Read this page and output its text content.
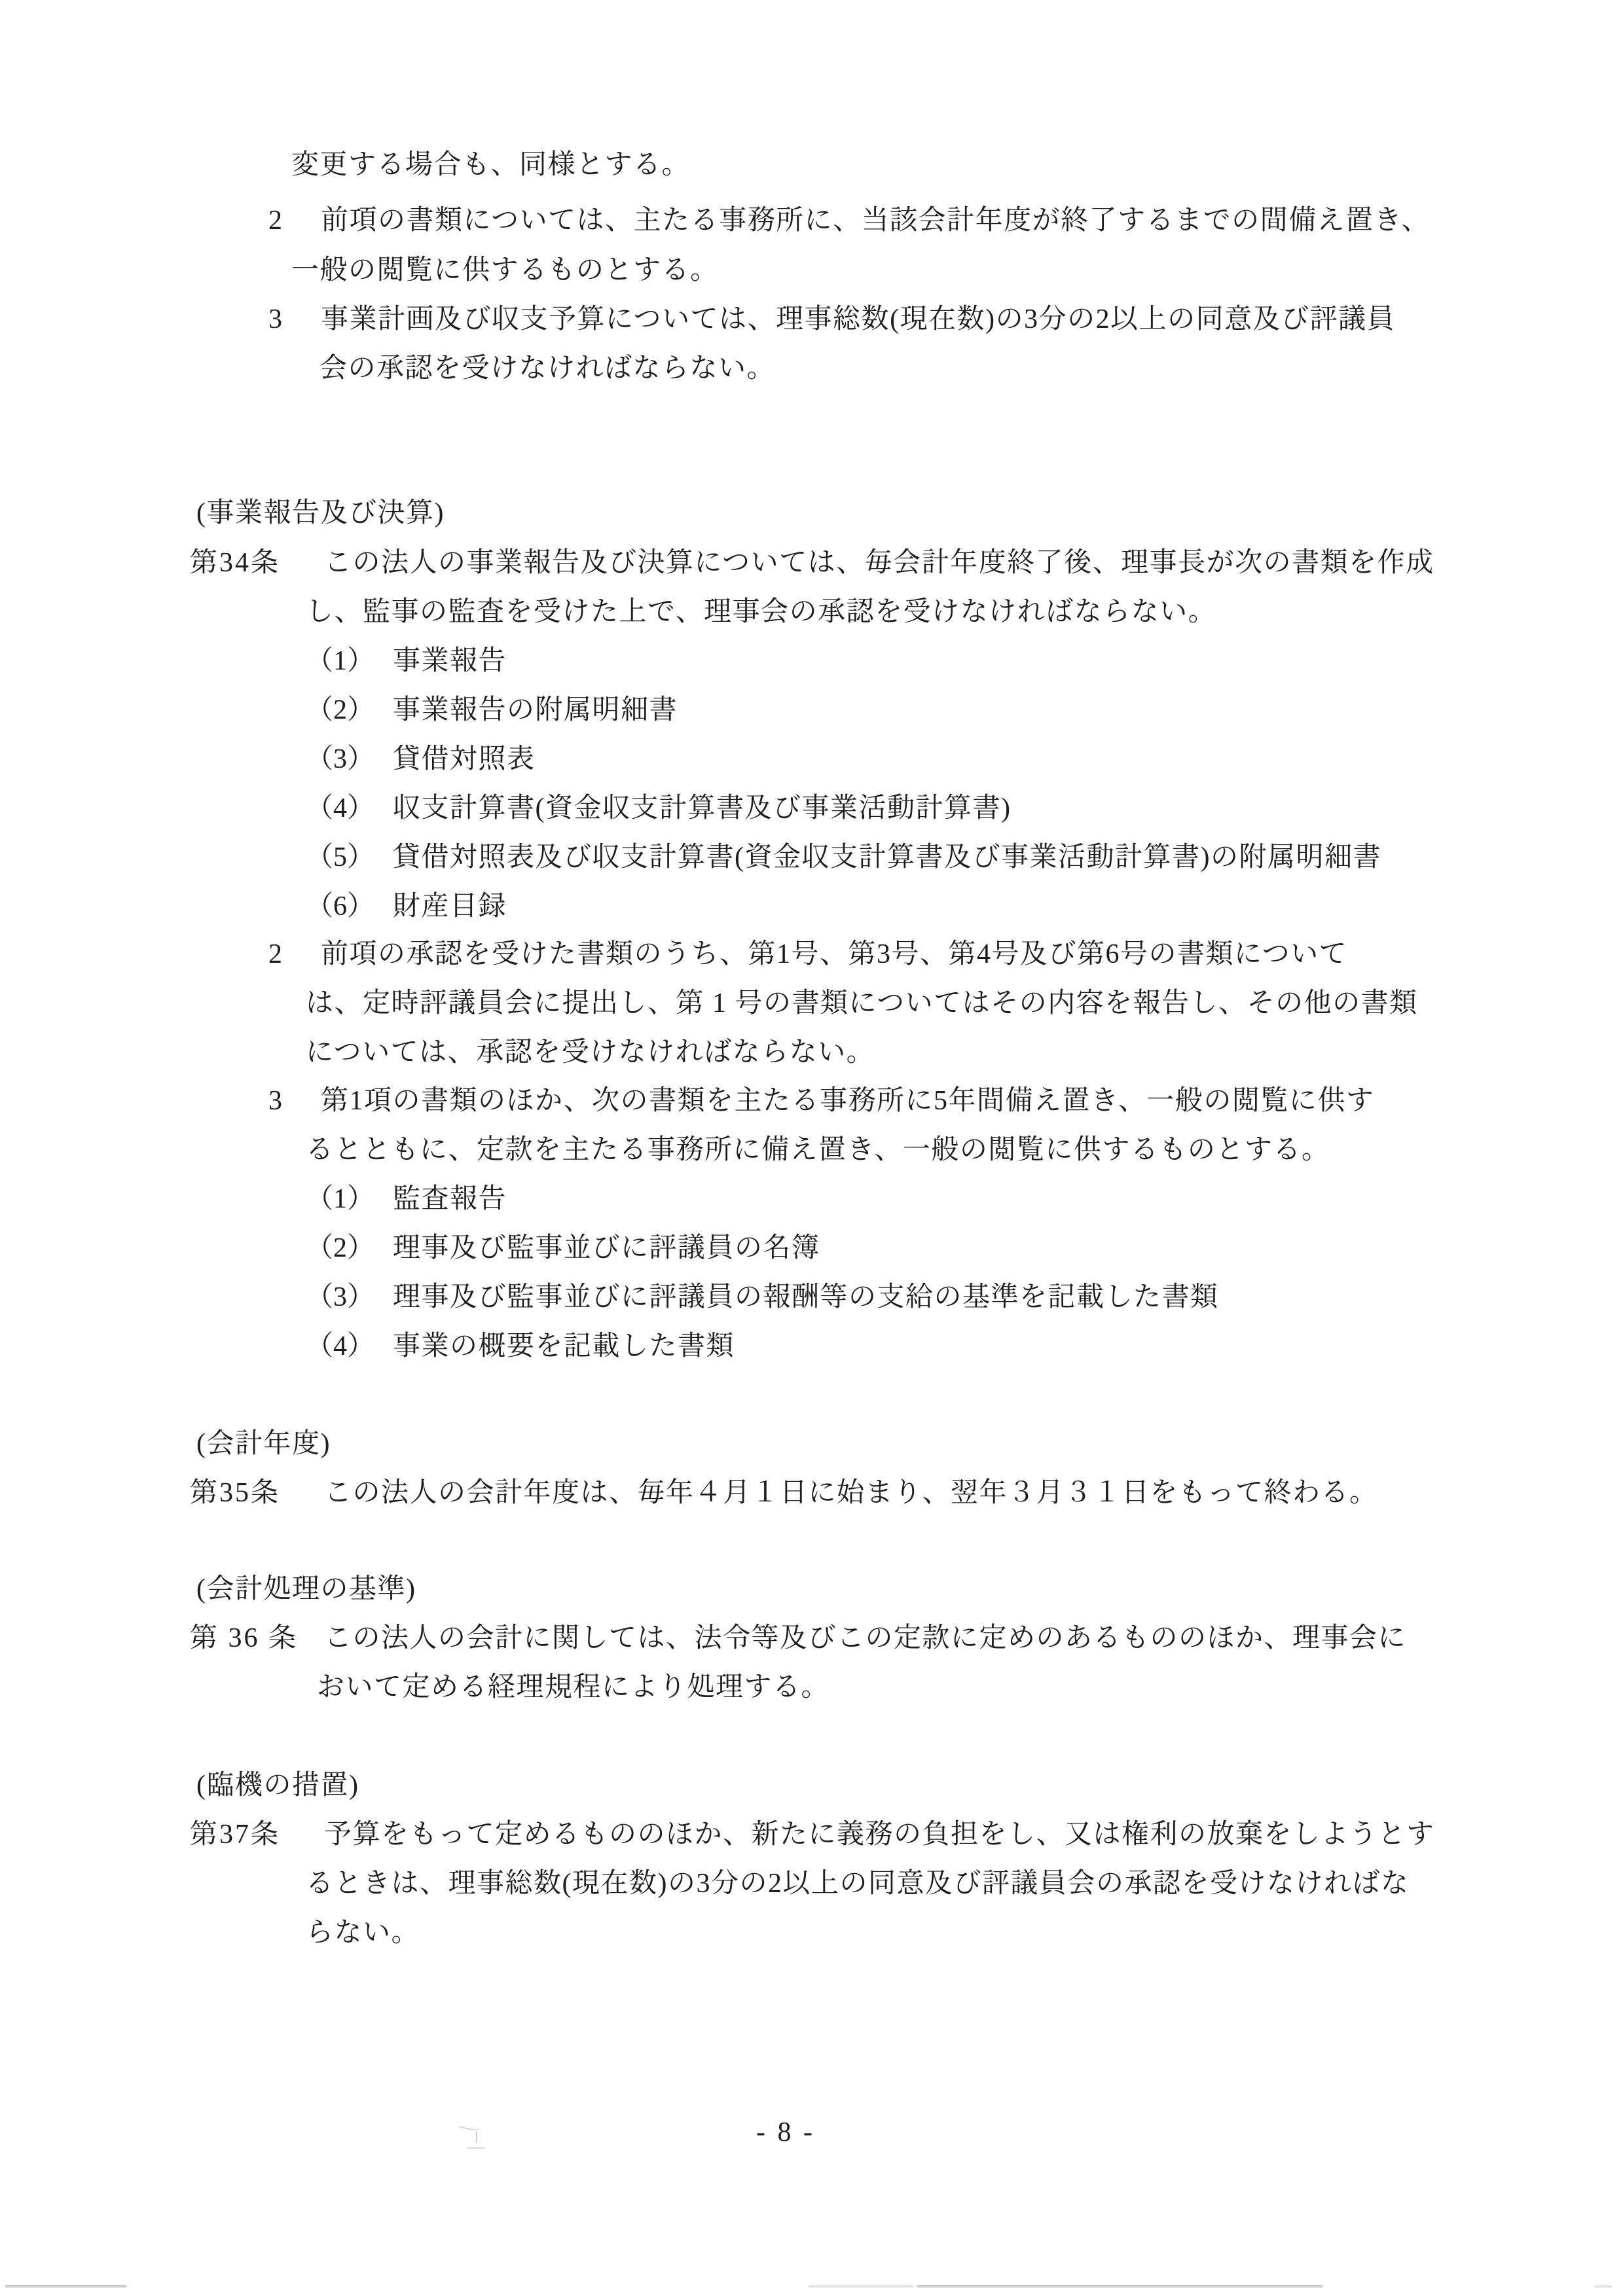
変更する場合も、同様とする。
2 前項の書類については、主たる事務所に、当該会計年度が終了するまでの間備え置き、
一般の閲覧に供するものとする。
3 事業計画及び収支予算については、理事総数(現在数)の3分の2以上の同意及び評議員
会の承認を受けなければならない。
(事業報告及び決算)
第34条 この法人の事業報告及び決算については、毎会計年度終了後、理事長が次の書類を作成
し、監事の監査を受けた上で、理事会の承認を受けなければならない。
（1） 事業報告
（2） 事業報告の附属明細書
（3） 貸借対照表
（4） 収支計算書(資金収支計算書及び事業活動計算書)
（5） 貸借対照表及び収支計算書(資金収支計算書及び事業活動計算書)の附属明細書
（6） 財産目録
2 前項の承認を受けた書類のうち、第1号、第3号、第4号及び第6号の書類について
は、定時評議員会に提出し、第 1 号の書類についてはその内容を報告し、その他の書類
については、承認を受けなければならない。
3 第1項の書類のほか、次の書類を主たる事務所に5年間備え置き、一般の閲覧に供す
るとともに、定款を主たる事務所に備え置き、一般の閲覧に供するものとする。
（1） 監査報告
（2） 理事及び監事並びに評議員の名簿
（3） 理事及び監事並びに評議員の報酬等の支給の基準を記載した書類
（4） 事業の概要を記載した書類
(会計年度)
第35条 この法人の会計年度は、毎年４月１日に始まり、翌年３月３１日をもって終わる。
(会計処理の基準)
第 36 条 この法人の会計に関しては、法令等及びこの定款に定めのあるもののほか、理事会に
おいて定める経理規程により処理する。
(臨機の措置)
第37条 予算をもって定めるもののほか、新たに義務の負担をし、又は権利の放棄をしようとす
るときは、理事総数(現在数)の3分の2以上の同意及び評議員会の承認を受けなければな
らない。
- 8 -
